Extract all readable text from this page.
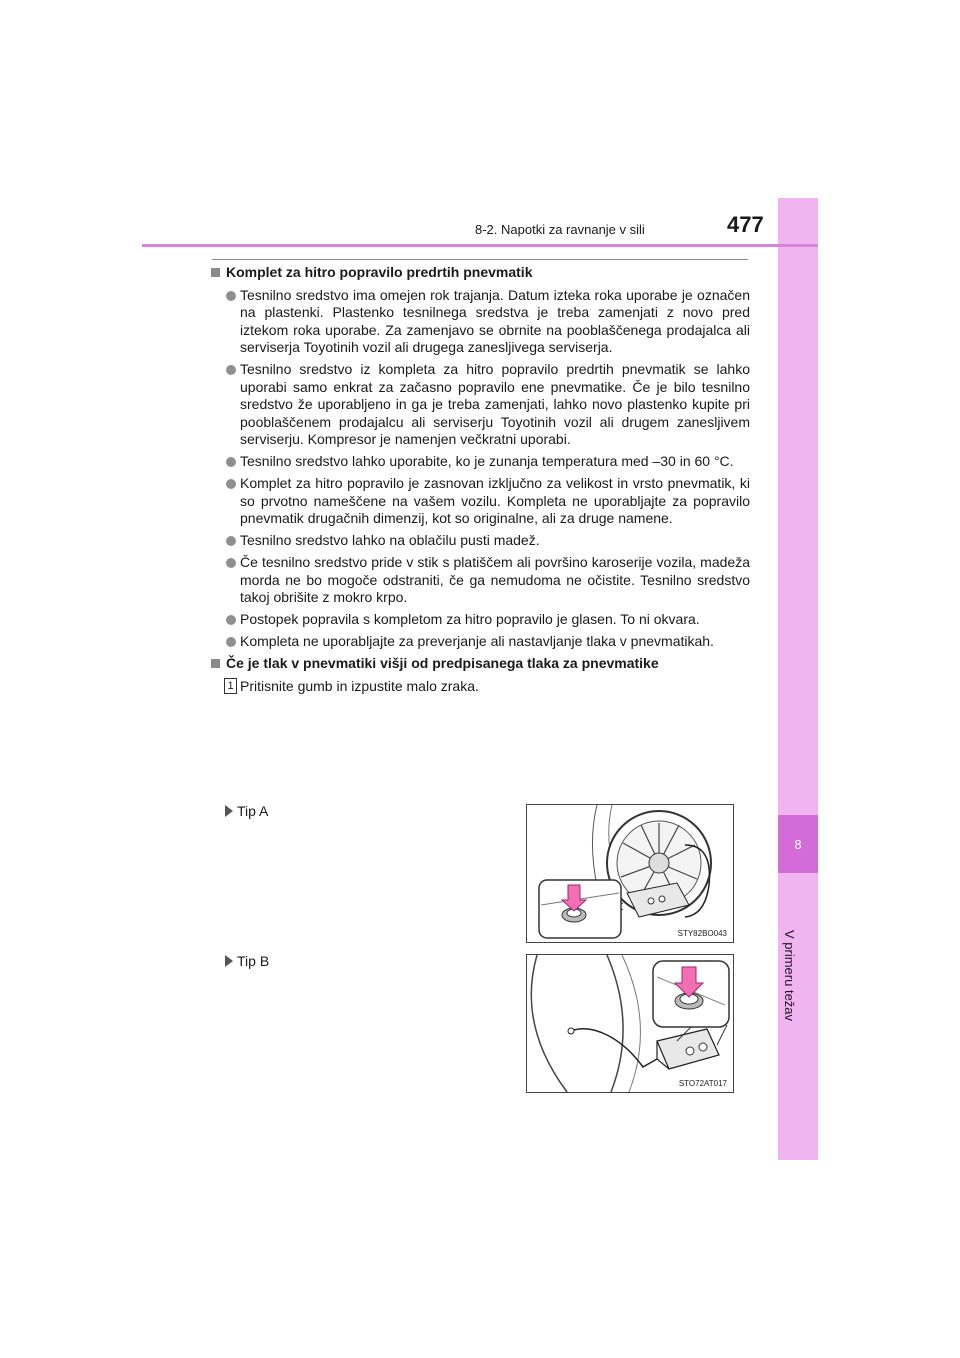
8
V primeru težav
8-2. Napotki za ravnanje v sili	477
Komplet za hitro popravilo predrtih pnevmatik
Tesnilno sredstvo ima omejen rok trajanja. Datum izteka roka uporabe je označen na plastenki. Plastenko tesnilnega sredstva je treba zamenjati z novo pred iztekom roka uporabe. Za zamenjavo se obrnite na pooblaščenega prodajalca ali serviserja Toyotinih vozil ali drugega zanesljivega serviserja.
Tesnilno sredstvo iz kompleta za hitro popravilo predrtih pnevmatik se lahko uporabi samo enkrat za začasno popravilo ene pnevmatike. Če je bilo tesnilno sredstvo že uporabljeno in ga je treba zamenjati, lahko novo plastenko kupite pri pooblaščenem prodajalcu ali serviserju Toyotinih vozil ali drugem zanesljivem serviserju. Kompresor je namenjen večkratni uporabi.
Tesnilno sredstvo lahko uporabite, ko je zunanja temperatura med –30 in 60 °C.
Komplet za hitro popravilo je zasnovan izključno za velikost in vrsto pnevmatik, ki so prvotno nameščene na vašem vozilu. Kompleta ne uporabljajte za popravilo pnevmatik drugačnih dimenzij, kot so originalne, ali za druge namene.
Tesnilno sredstvo lahko na oblačilu pusti madež.
Če tesnilno sredstvo pride v stik s platiščem ali površino karoserije vozila, madeža morda ne bo mogoče odstraniti, če ga nemudoma ne očistite. Tesnilno sredstvo takoj obrišite z mokro krpo.
Postopek popravila s kompletom za hitro popravilo je glasen. To ni okvara.
Kompleta ne uporabljajte za preverjanje ali nastavljanje tlaka v pnevmatikah.
Če je tlak v pnevmatiki višji od predpisanega tlaka za pnevmatike
1 Pritisnite gumb in izpustite malo zraka.
Tip A
Tip B
STY82BO043
STO72AT017
